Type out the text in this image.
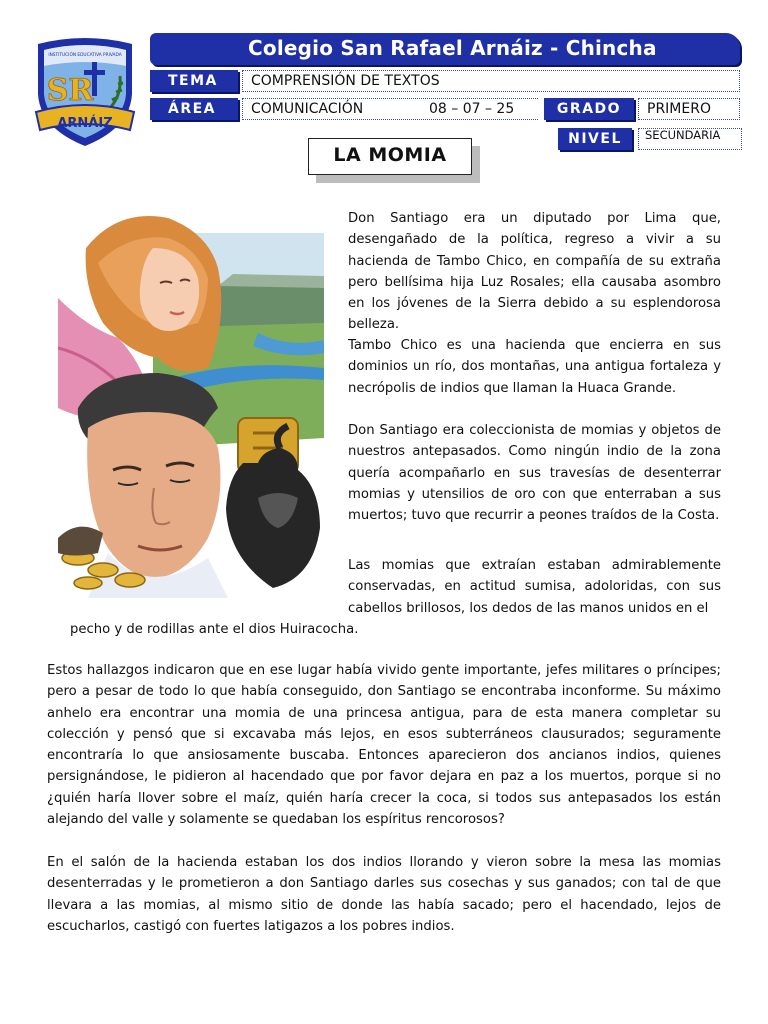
ARNÁIZ
SR
INSTITUCIÓN EDUCATIVA PRIVADA	Colegio San Rafael Arnáiz - Chincha
TEMA	COMPRENSIÓN DE TEXTOS
ÁREA	COMUNICACIÓN	08 – 07 – 25	GRADO	PRIMERO
NIVEL	SECUNDARIA
LA MOMIA

Don Santiago era un diputado por Lima que, desengañado de la política, regreso a vivir a su hacienda de Tambo Chico, en compañía de su extraña pero bellísima hija Luz Rosales; ella causaba asombro en los jóvenes de la Sierra debido a su esplendorosa belleza.

Tambo Chico es una hacienda que encierra en sus dominios un río, dos montañas, una antigua fortaleza y necrópolis de indios que llaman la Huaca Grande.

Don Santiago era coleccionista de momias y objetos de nuestros antepasados. Como ningún indio de la zona quería acompañarlo en sus travesías de desenterrar momias y utensilios de oro con que enterraban a sus muertos; tuvo que recurrir a peones traídos de la Costa.

Las momias que extraían estaban admirablemente conservadas, en actitud sumisa, adoloridas, con sus cabellos brillosos, los dedos de las manos unidos en el

pecho y de rodillas ante el dios Huiracocha.

Estos hallazgos indicaron que en ese lugar había vivido gente importante, jefes militares o príncipes; pero a pesar de todo lo que había conseguido, don Santiago se encontraba inconforme. Su máximo anhelo era encontrar una momia de una princesa antigua, para de esta manera completar su colección y pensó que si excavaba más lejos, en esos subterráneos clausurados; seguramente encontraría lo que ansiosamente buscaba. Entonces aparecieron dos ancianos indios, quienes persignándose, le pidieron al hacendado que por favor dejara en paz a los muertos, porque si no ¿quién haría llover sobre el maíz, quién haría crecer la coca, si todos sus antepasados los están alejando del valle y solamente se quedaban los espíritus rencorosos?

En el salón de la hacienda estaban los dos indios llorando y vieron sobre la mesa las momias desenterradas y le prometieron a don Santiago darles sus cosechas y sus ganados; con tal de que llevara a las momias, al mismo sitio de donde las había sacado; pero el hacendado, lejos de escucharlos, castigó con fuertes latigazos a los pobres indios.
